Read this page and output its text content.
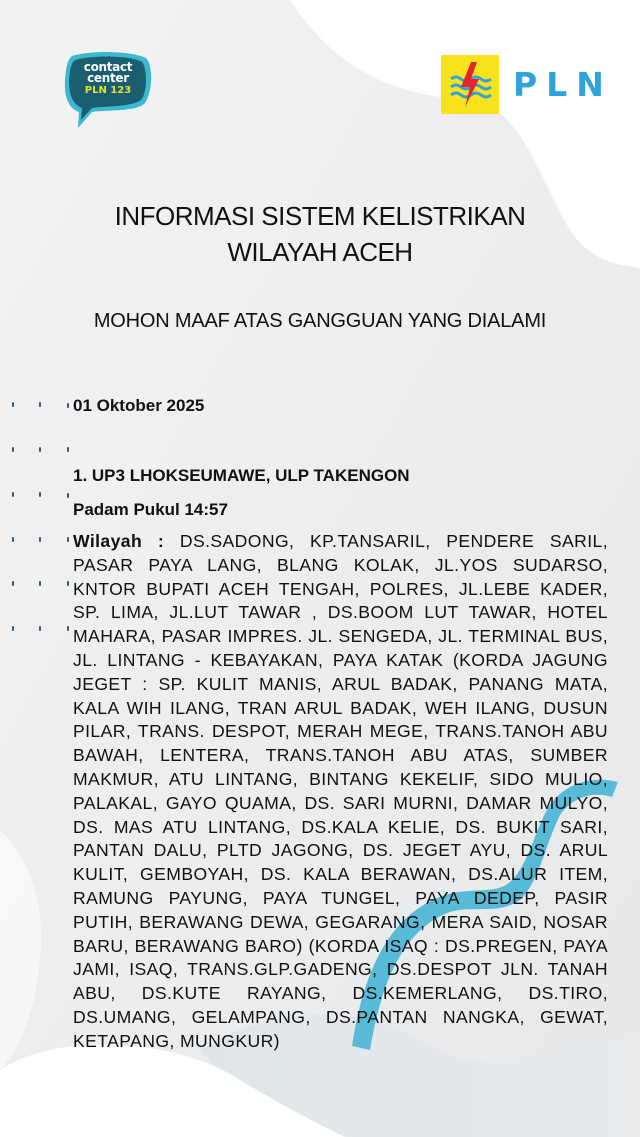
contact
center
PLN 123	PLN
INFORMASI SISTEM KELISTRIKAN
WILAYAH ACEH
MOHON MAAF ATAS GANGGUAN YANG DIALAMI
01 Oktober 2025
1. UP3 LHOKSEUMAWE, ULP TAKENGON
Padam Pukul 14:57
Wilayah : DS.SADONG, KP.TANSARIL, PENDERE SARIL, PASAR PAYA LANG, BLANG KOLAK, JL.YOS SUDARSO, KNTOR BUPATI ACEH TENGAH, POLRES, JL.LEBE KADER, SP. LIMA, JL.LUT TAWAR , DS.BOOM LUT TAWAR, HOTEL MAHARA, PASAR IMPRES. JL. SENGEDA, JL. TERMINAL BUS, JL. LINTANG - KEBAYAKAN, PAYA KATAK (KORDA JAGUNG JEGET : SP. KULIT MANIS, ARUL BADAK, PANANG MATA, KALA WIH ILANG, TRAN ARUL BADAK, WEH ILANG, DUSUN PILAR, TRANS. DESPOT, MERAH MEGE, TRANS.TANOH ABU BAWAH, LENTERA, TRANS.TANOH ABU ATAS, SUMBER MAKMUR, ATU LINTANG, BINTANG KEKELIF, SIDO MULIO, PALAKAL, GAYO QUAMA, DS. SARI MURNI, DAMAR MULYO, DS. MAS ATU LINTANG, DS.KALA KELIE, DS. BUKIT SARI, PANTAN DALU, PLTD JAGONG, DS. JEGET AYU, DS. ARUL KULIT, GEMBOYAH, DS. KALA BERAWAN, DS.ALUR ITEM, RAMUNG PAYUNG, PAYA TUNGEL, PAYA DEDEP, PASIR PUTIH, BERAWANG DEWA, GEGARANG, MERA SAID, NOSAR BARU, BERAWANG BARO) (KORDA ISAQ : DS.PREGEN, PAYA JAMI, ISAQ, TRANS.GLP.GADENG, DS.DESPOT JLN. TANAH ABU, DS.KUTE RAYANG, DS.KEMERLANG, DS.TIRO, DS.UMANG, GELAMPANG, DS.PANTAN NANGKA, GEWAT, KETAPANG, MUNGKUR)
